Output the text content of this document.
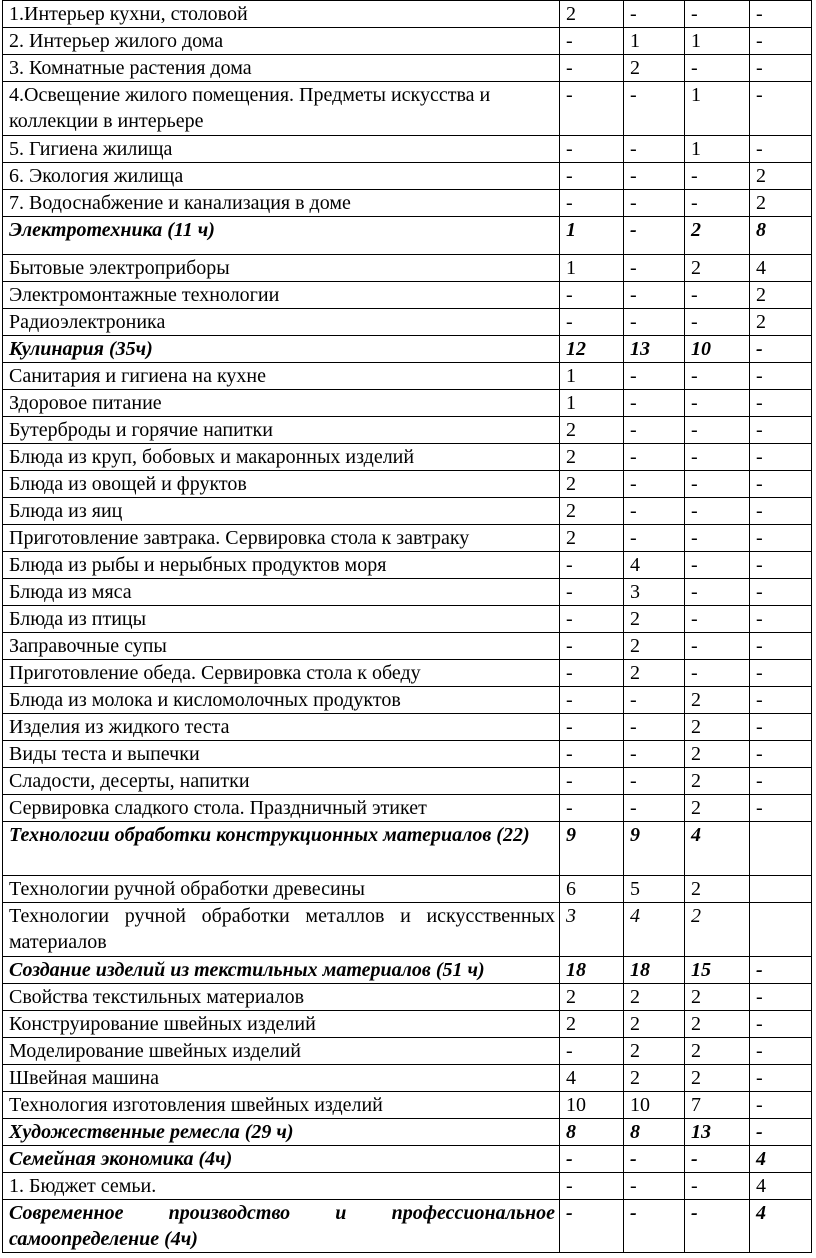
1.Интерьер кухни, столовой	2	-	-	-
2. Интерьер жилого дома	-	1	1	-
3. Комнатные растения дома	-	2	-	-
4.Освещение жилого помещения. Предметы искусства и коллекции в интерьере	-	-	1	-
5. Гигиена жилища	-	-	1	-
6. Экология жилища	-	-	-	2
7. Водоснабжение и канализация в доме	-	-	-	2
Электротехника (11 ч)	1	-	2	8
Бытовые электроприборы	1	-	2	4
Электромонтажные технологии	-	-	-	2
Радиоэлектроника	-	-	-	2
Кулинария (35ч)	12	13	10	-
Санитария и гигиена на кухне	1	-	-	-
Здоровое питание	1	-	-	-
Бутерброды и горячие напитки	2	-	-	-
Блюда из круп, бобовых и макаронных изделий	2	-	-	-
Блюда из овощей и фруктов	2	-	-	-
Блюда из яиц	2	-	-	-
Приготовление завтрака. Сервировка стола к завтраку	2	-	-	-
Блюда из рыбы и нерыбных продуктов моря	-	4	-	-
Блюда из мяса	-	3	-	-
Блюда из птицы	-	2	-	-
Заправочные супы	-	2	-	-
Приготовление обеда. Сервировка стола к обеду	-	2	-	-
Блюда из молока и кисломолочных продуктов	-	-	2	-
Изделия из жидкого теста	-	-	2	-
Виды теста и выпечки	-	-	2	-
Сладости, десерты, напитки	-	-	2	-
Сервировка сладкого стола. Праздничный этикет	-	-	2	-
Технологии обработки конструкционных материалов (22)	9	9	4	
Технологии ручной обработки древесины	6	5	2	
Технологии ручной обработки металлов и искусственных материалов	3	4	2	
Создание изделий из текстильных материалов (51 ч)	18	18	15	-
Свойства текстильных материалов	2	2	2	-
Конструирование швейных изделий	2	2	2	-
Моделирование швейных изделий	-	2	2	-
Швейная машина	4	2	2	-
Технология изготовления швейных изделий	10	10	7	-
Художественные ремесла (29 ч)	8	8	13	-
Семейная экономика (4ч)	-	-	-	4
1. Бюджет семьи.	-	-	-	4
Современное производство и профессиональное самоопределение (4ч)	-	-	-	4
